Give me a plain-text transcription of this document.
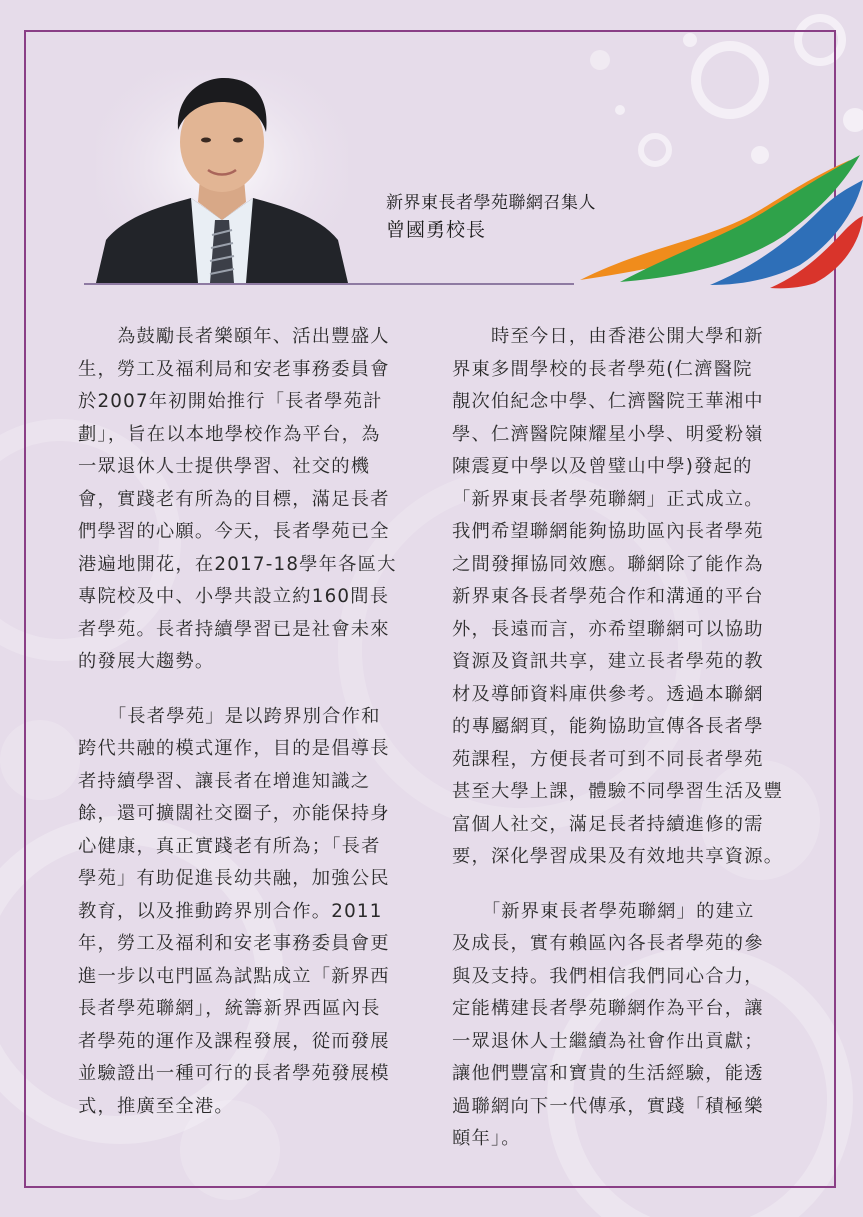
新界東長者學苑聯網召集人
曾國勇校長

　　為鼓勵長者樂頤年、活出豐盛人
生，勞工及福利局和安老事務委員會
於2007年初開始推行「長者學苑計
劃」，旨在以本地學校作為平台，為
一眾退休人士提供學習、社交的機
會，實踐老有所為的目標，滿足長者
們學習的心願。今天，長者學苑已全
港遍地開花，在2017-18學年各區大
專院校及中、小學共設立約160間長
者學苑。長者持續學習已是社會未來
的發展大趨勢。

　　「長者學苑」是以跨界別合作和
跨代共融的模式運作，目的是倡導長
者持續學習、讓長者在增進知識之
餘，還可擴闊社交圈子，亦能保持身
心健康，真正實踐老有所為；「長者
學苑」有助促進長幼共融，加強公民
教育，以及推動跨界別合作。2011
年，勞工及福利和安老事務委員會更
進一步以屯門區為試點成立「新界西
長者學苑聯網」，統籌新界西區內長
者學苑的運作及課程發展，從而發展
並驗證出一種可行的長者學苑發展模
式，推廣至全港。

　　時至今日，由香港公開大學和新
界東多間學校的長者學苑(仁濟醫院
靚次伯紀念中學、仁濟醫院王華湘中
學、仁濟醫院陳耀星小學、明愛粉嶺
陳震夏中學以及曾璧山中學)發起的
「新界東長者學苑聯網」正式成立。
我們希望聯網能夠協助區內長者學苑
之間發揮協同效應。聯網除了能作為
新界東各長者學苑合作和溝通的平台
外，長遠而言，亦希望聯網可以協助
資源及資訊共享，建立長者學苑的教
材及導師資料庫供參考。透過本聯網
的專屬網頁，能夠協助宣傳各長者學
苑課程，方便長者可到不同長者學苑
甚至大學上課，體驗不同學習生活及豐
富個人社交，滿足長者持續進修的需
要，深化學習成果及有效地共享資源。

　　「新界東長者學苑聯網」的建立
及成長，實有賴區內各長者學苑的參
與及支持。我們相信我們同心合力，
定能構建長者學苑聯網作為平台，讓
一眾退休人士繼續為社會作出貢獻；
讓他們豐富和寶貴的生活經驗，能透
過聯網向下一代傳承，實踐「積極樂
頤年」。
